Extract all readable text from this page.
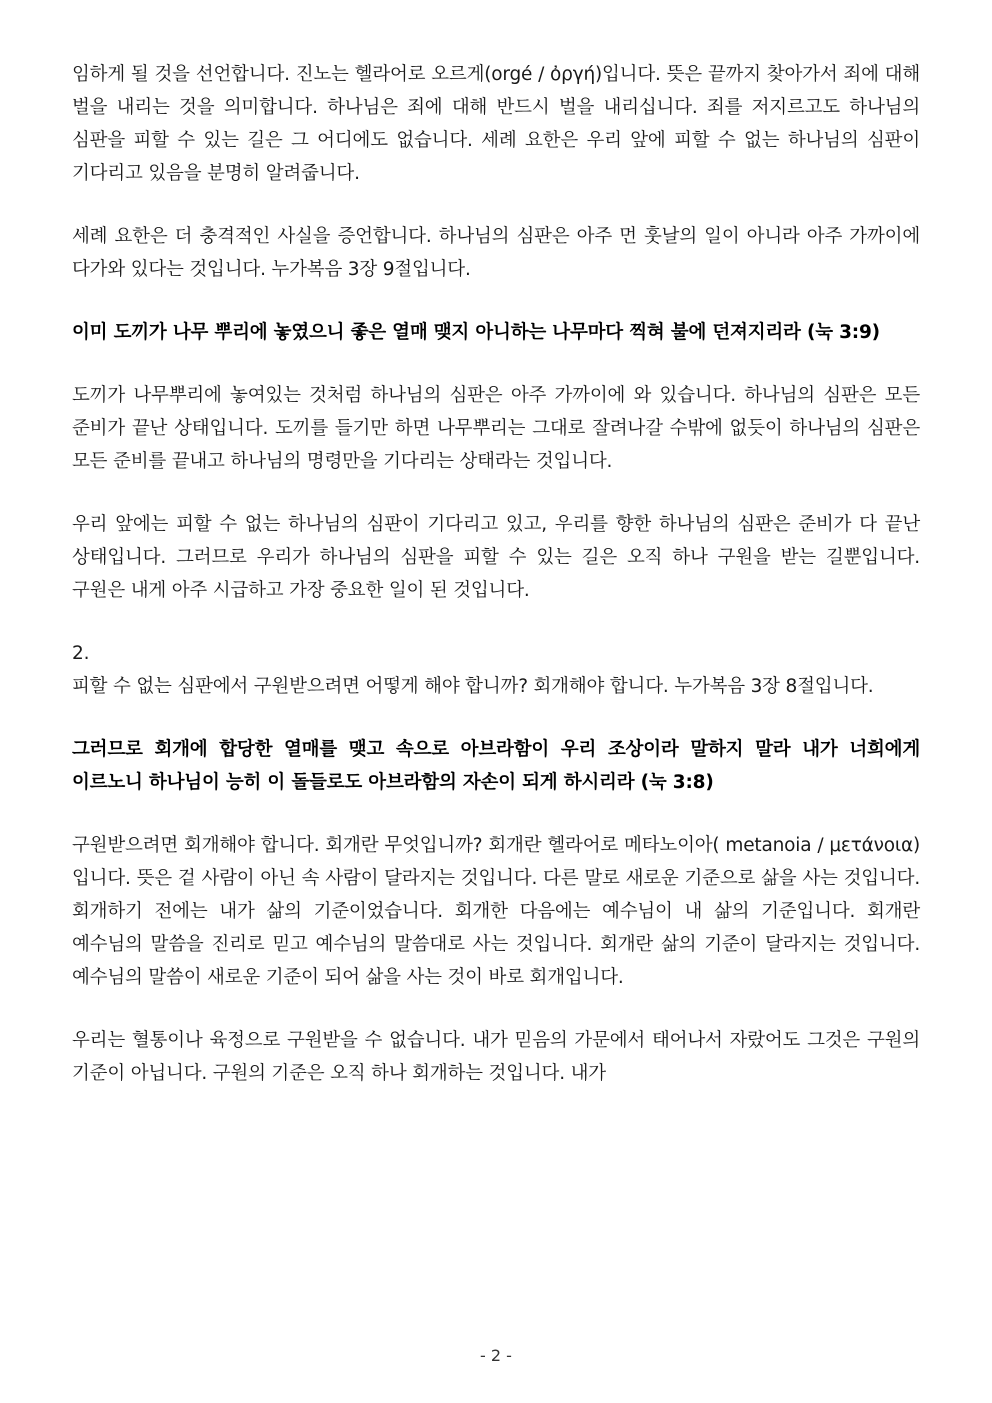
임하게 될 것을 선언합니다. 진노는 헬라어로 오르게(orgé / ὀργή)입니다. 뜻은 끝까지 찾아가서 죄에 대해 벌을 내리는 것을 의미합니다. 하나님은 죄에 대해 반드시 벌을 내리십니다. 죄를 저지르고도 하나님의 심판을 피할 수 있는 길은 그 어디에도 없습니다. 세례 요한은 우리 앞에 피할 수 없는 하나님의 심판이 기다리고 있음을 분명히 알려줍니다.

세례 요한은 더 충격적인 사실을 증언합니다. 하나님의 심판은 아주 먼 훗날의 일이 아니라 아주 가까이에 다가와 있다는 것입니다. 누가복음 3장 9절입니다.

이미 도끼가 나무 뿌리에 놓였으니 좋은 열매 맺지 아니하는 나무마다 찍혀 불에 던져지리라 (눅 3:9)

도끼가 나무뿌리에 놓여있는 것처럼 하나님의 심판은 아주 가까이에 와 있습니다. 하나님의 심판은 모든 준비가 끝난 상태입니다. 도끼를 들기만 하면 나무뿌리는 그대로 잘려나갈 수밖에 없듯이 하나님의 심판은 모든 준비를 끝내고 하나님의 명령만을 기다리는 상태라는 것입니다.

우리 앞에는 피할 수 없는 하나님의 심판이 기다리고 있고, 우리를 향한 하나님의 심판은 준비가 다 끝난 상태입니다. 그러므로 우리가 하나님의 심판을 피할 수 있는 길은 오직 하나 구원을 받는 길뿐입니다. 구원은 내게 아주 시급하고 가장 중요한 일이 된 것입니다.

2.
피할 수 없는 심판에서 구원받으려면 어떻게 해야 합니까? 회개해야 합니다. 누가복음 3장 8절입니다.

그러므로 회개에 합당한 열매를 맺고 속으로 아브라함이 우리 조상이라 말하지 말라 내가 너희에게 이르노니 하나님이 능히 이 돌들로도 아브라함의 자손이 되게 하시리라 (눅 3:8)

구원받으려면 회개해야 합니다. 회개란 무엇입니까? 회개란 헬라어로 메타노이아( metanoia / μετάνοια)입니다. 뜻은 겉 사람이 아닌 속 사람이 달라지는 것입니다. 다른 말로 새로운 기준으로 삶을 사는 것입니다. 회개하기 전에는 내가 삶의 기준이었습니다. 회개한 다음에는 예수님이 내 삶의 기준입니다. 회개란 예수님의 말씀을 진리로 믿고 예수님의 말씀대로 사는 것입니다. 회개란 삶의 기준이 달라지는 것입니다. 예수님의 말씀이 새로운 기준이 되어 삶을 사는 것이 바로 회개입니다.

우리는 혈통이나 육정으로 구원받을 수 없습니다. 내가 믿음의 가문에서 태어나서 자랐어도 그것은 구원의 기준이 아닙니다. 구원의 기준은 오직 하나 회개하는 것입니다. 내가

- 2 -
